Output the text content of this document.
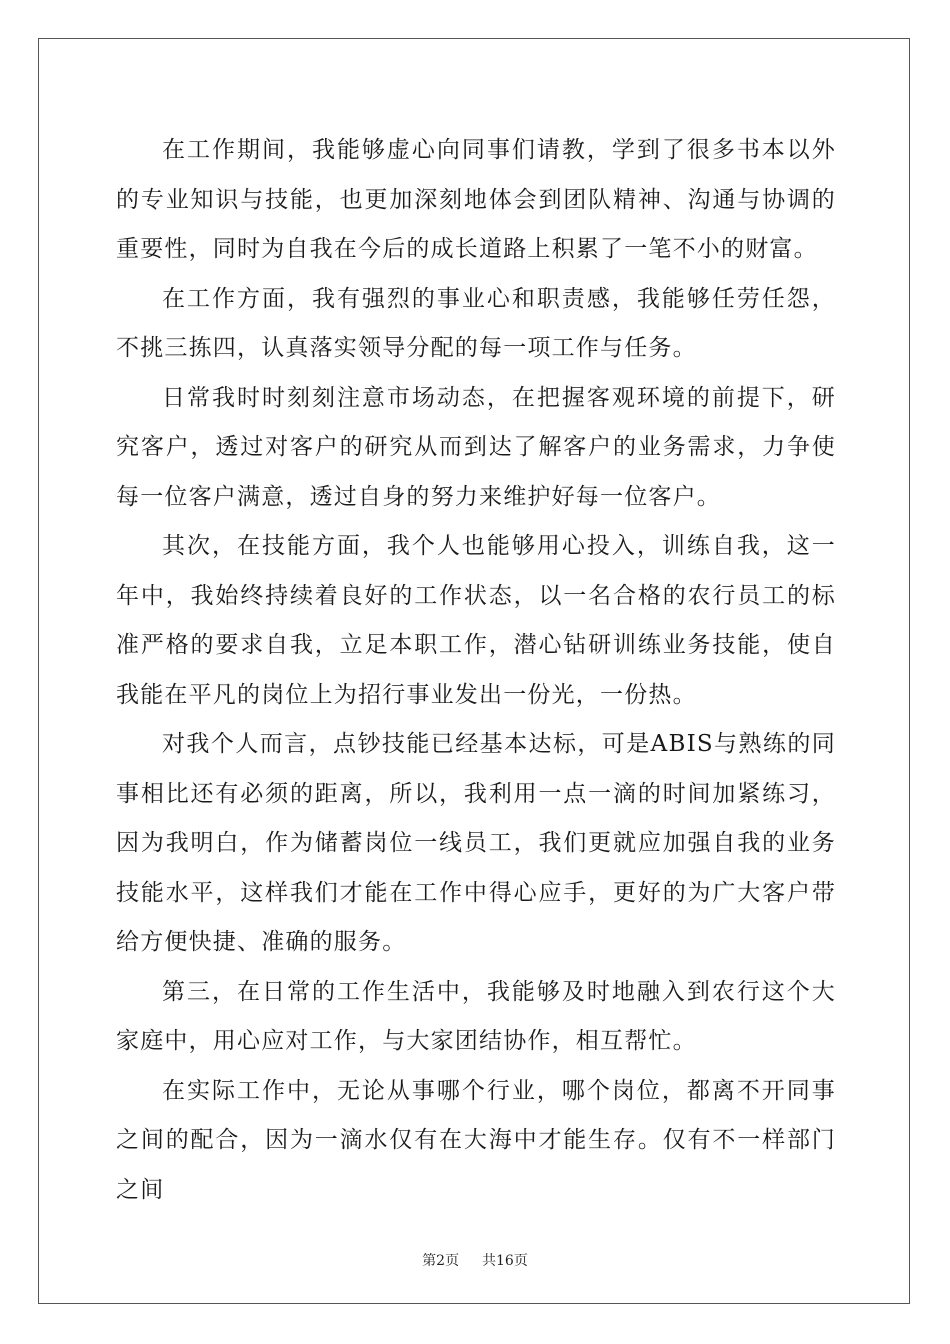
在工作期间，我能够虚心向同事们请教，学到了很多书本以外的专业知识与技能，也更加深刻地体会到团队精神、沟通与协调的重要性，同时为自我在今后的成长道路上积累了一笔不小的财富。

在工作方面，我有强烈的事业心和职责感，我能够任劳任怨，不挑三拣四，认真落实领导分配的每一项工作与任务。

日常我时时刻刻注意市场动态，在把握客观环境的前提下，研究客户，透过对客户的研究从而到达了解客户的业务需求，力争使每一位客户满意，透过自身的努力来维护好每一位客户。

其次，在技能方面，我个人也能够用心投入，训练自我，这一年中，我始终持续着良好的工作状态，以一名合格的农行员工的标准严格的要求自我，立足本职工作，潜心钻研训练业务技能，使自我能在平凡的岗位上为招行事业发出一份光，一份热。

对我个人而言，点钞技能已经基本达标，可是ABIS与熟练的同事相比还有必须的距离，所以，我利用一点一滴的时间加紧练习，因为我明白，作为储蓄岗位一线员工，我们更就应加强自我的业务技能水平，这样我们才能在工作中得心应手，更好的为广大客户带给方便快捷、准确的服务。

第三，在日常的工作生活中，我能够及时地融入到农行这个大家庭中，用心应对工作，与大家团结协作，相互帮忙。

在实际工作中，无论从事哪个行业，哪个岗位，都离不开同事之间的配合，因为一滴水仅有在大海中才能生存。仅有不一样部门之间

第2页 共16页
